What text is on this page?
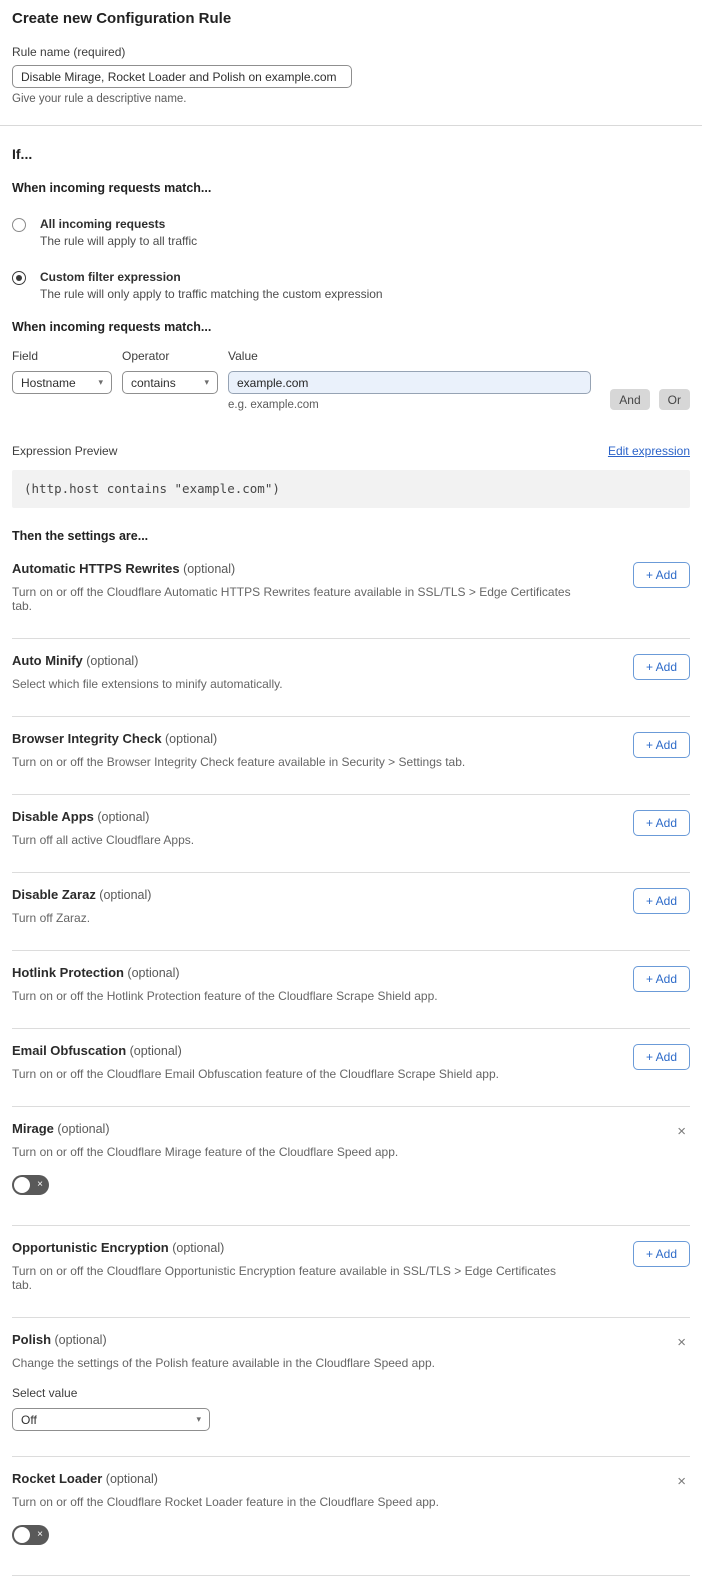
Create new Configuration Rule
Rule name (required)
Disable Mirage, Rocket Loader and Polish on example.com
Give your rule a descriptive name.
If...
When incoming requests match...
All incoming requests
The rule will apply to all traffic
Custom filter expression
The rule will only apply to traffic matching the custom expression
When incoming requests match...
Field
Hostname	▾
Operator
contains	▾
Value
example.com
e.g. example.com	And	Or
Expression Preview	Edit expression
(http.host contains "example.com")
Then the settings are...
Automatic HTTPS Rewrites (optional)
Turn on or off the Cloudflare Automatic HTTPS Rewrites feature available in SSL/TLS > Edge Certificates tab.
+ Add
Auto Minify (optional)
Select which file extensions to minify automatically.
+ Add
Browser Integrity Check (optional)
Turn on or off the Browser Integrity Check feature available in Security > Settings tab.
+ Add
Disable Apps (optional)
Turn off all active Cloudflare Apps.
+ Add
Disable Zaraz (optional)
Turn off Zaraz.
+ Add
Hotlink Protection (optional)
Turn on or off the Hotlink Protection feature of the Cloudflare Scrape Shield app.
+ Add
Email Obfuscation (optional)
Turn on or off the Cloudflare Email Obfuscation feature of the Cloudflare Scrape Shield app.
+ Add
Mirage (optional)
Turn on or off the Cloudflare Mirage feature of the Cloudflare Speed app.
×
×
Opportunistic Encryption (optional)
Turn on or off the Cloudflare Opportunistic Encryption feature available in SSL/TLS > Edge Certificates tab.
+ Add
Polish (optional)
Change the settings of the Polish feature available in the Cloudflare Speed app.
×
Select value
Off	▾
Rocket Loader (optional)
Turn on or off the Cloudflare Rocket Loader feature in the Cloudflare Speed app.
×
×
